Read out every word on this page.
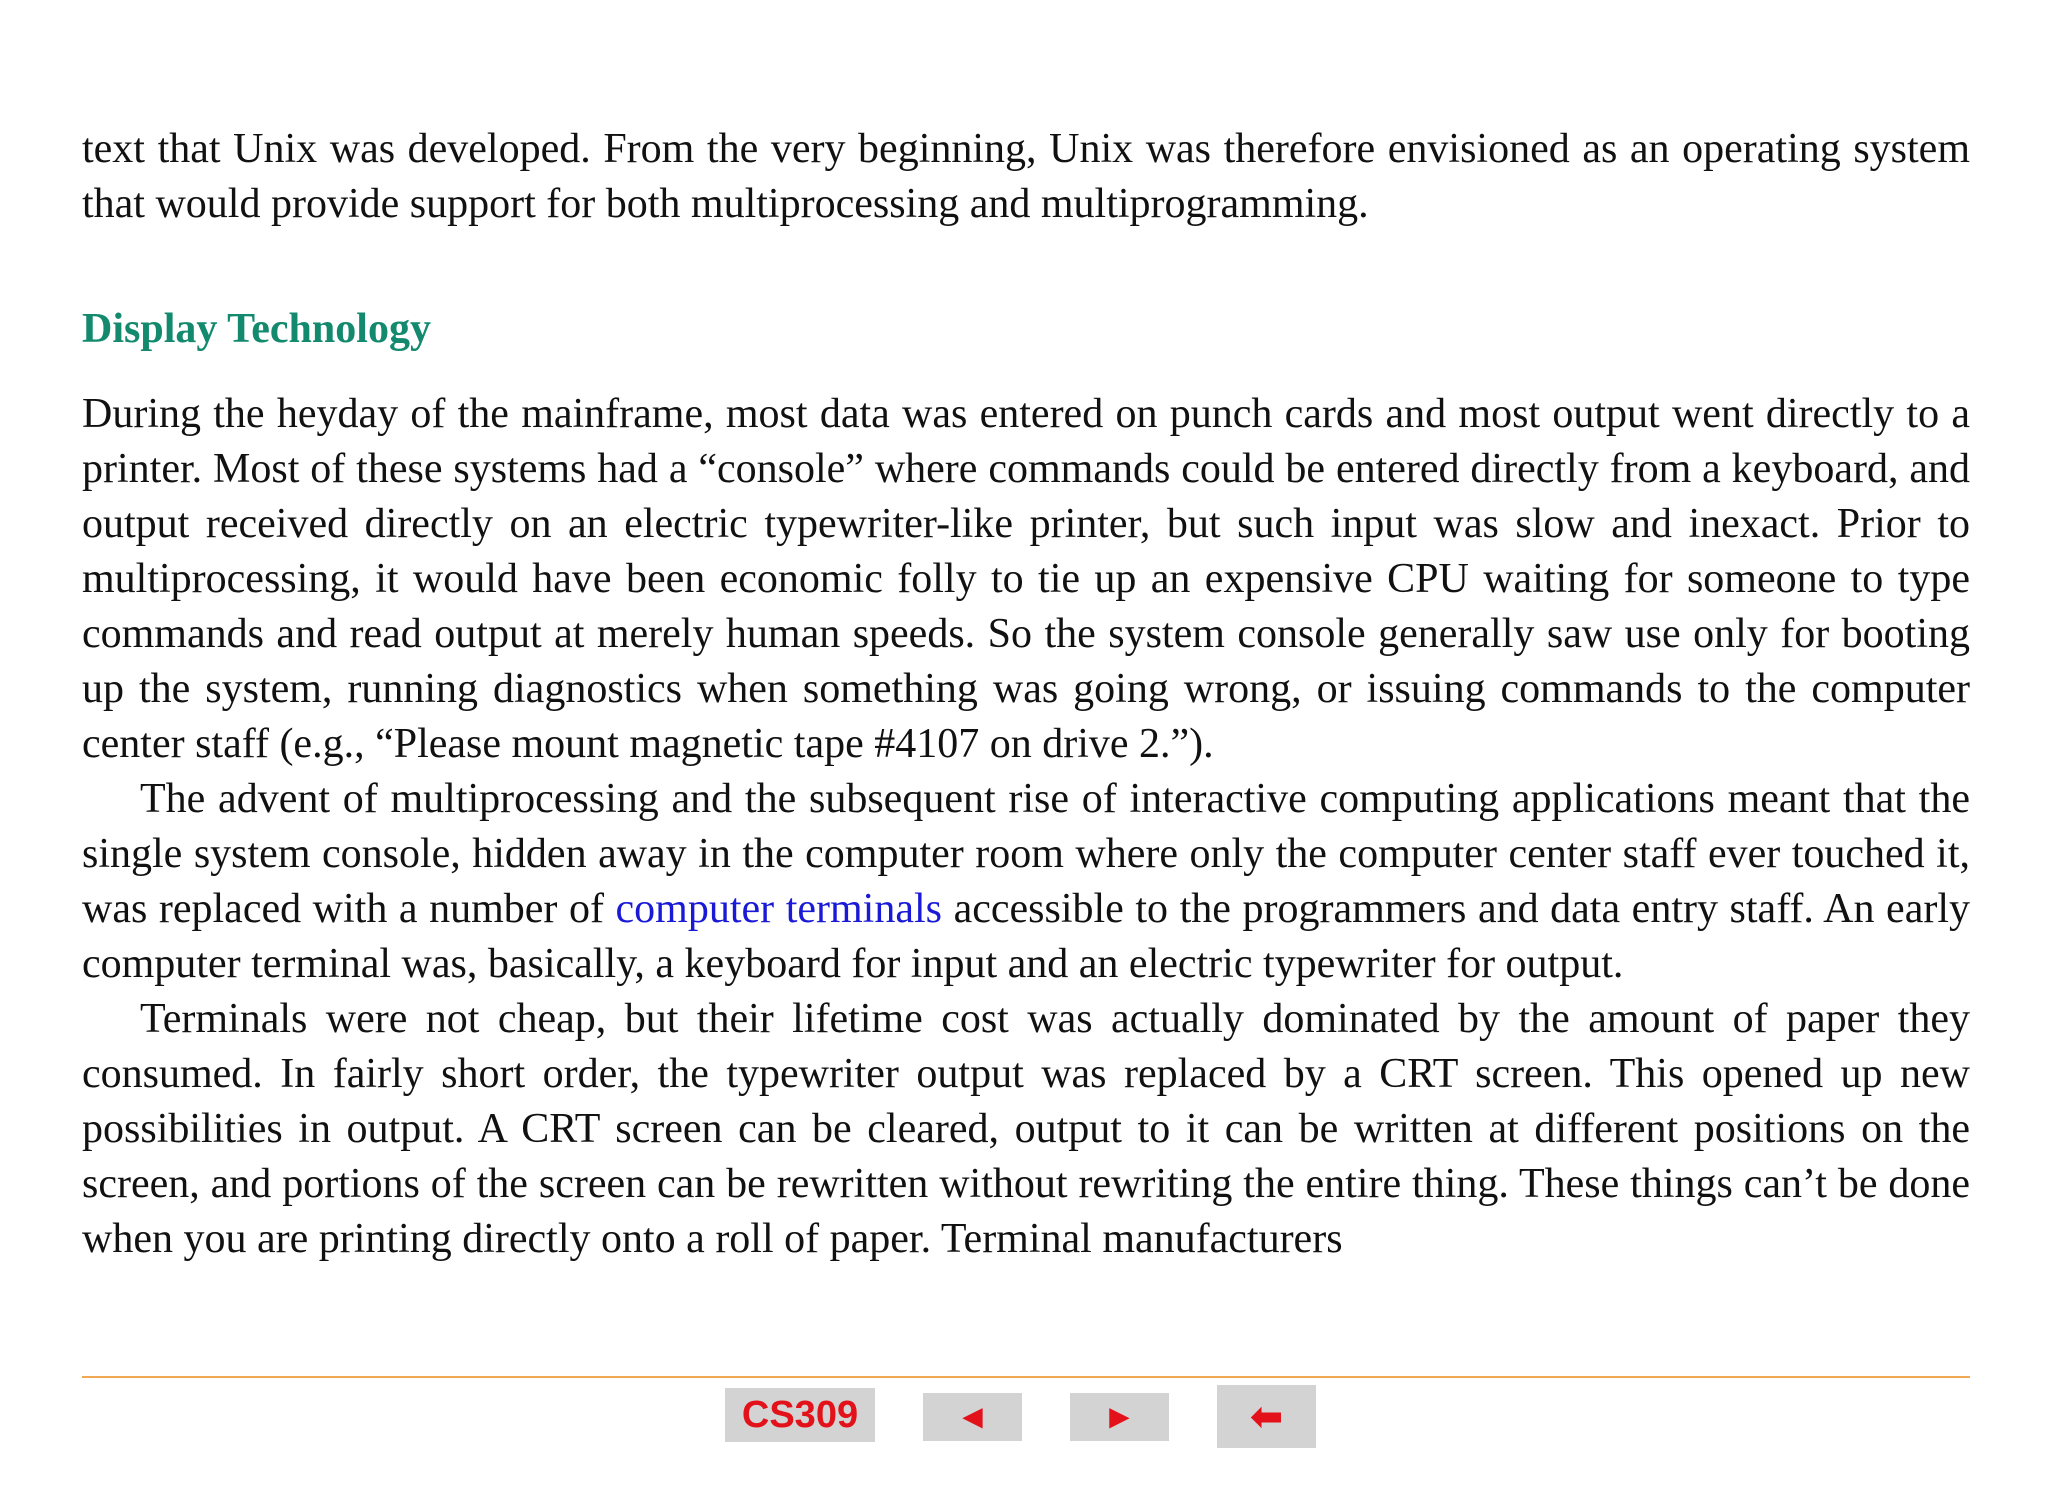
text that Unix was developed. From the very beginning, Unix was therefore envisioned as an operating system that would provide support for both multiprocessing and multiprogramming.

Display Technology

During the heyday of the mainframe, most data was entered on punch cards and most output went directly to a printer. Most of these systems had a “console” where commands could be entered directly from a keyboard, and output received directly on an electric typewriter-like printer, but such input was slow and inexact. Prior to multiprocessing, it would have been economic folly to tie up an expensive CPU waiting for someone to type commands and read output at merely human speeds. So the system console generally saw use only for booting up the system, running diagnostics when something was going wrong, or issuing commands to the computer center staff (e.g., “Please mount magnetic tape #4107 on drive 2.”).

The advent of multiprocessing and the subsequent rise of interactive computing applications meant that the single system console, hidden away in the computer room where only the computer center staff ever touched it, was replaced with a number of computer terminals accessible to the programmers and data entry staff. An early computer terminal was, basically, a keyboard for input and an electric typewriter for output.

Terminals were not cheap, but their lifetime cost was actually dominated by the amount of paper they consumed. In fairly short order, the typewriter output was replaced by a CRT screen. This opened up new possibilities in output. A CRT screen can be cleared, output to it can be written at different positions on the screen, and portions of the screen can be rewritten without rewriting the entire thing. These things can’t be done when you are printing directly onto a roll of paper. Terminal manufacturers

CS309	◄	►	⬅
